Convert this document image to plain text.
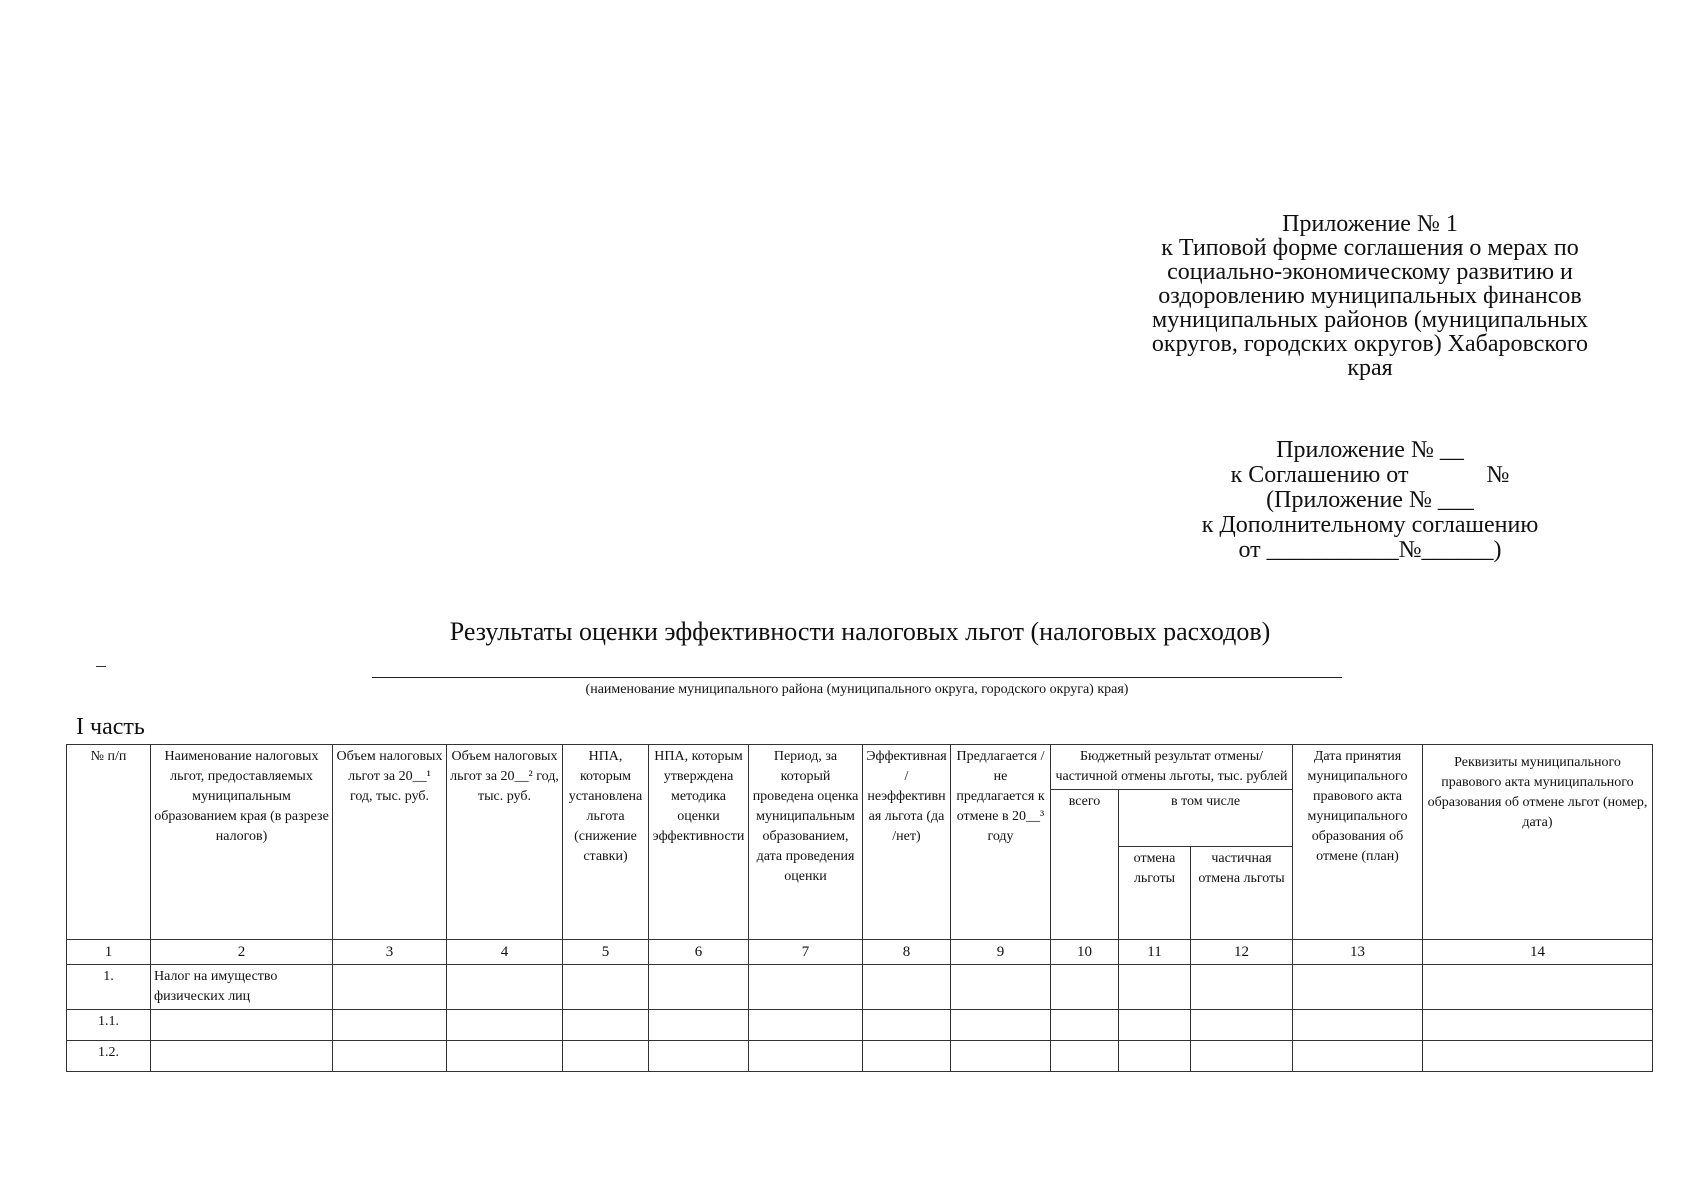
Приложение № 1
к Типовой форме соглашения о мерах по
социально-экономическому развитию и
оздоровлению муниципальных финансов
муниципальных районов (муниципальных
округов, городских округов) Хабаровского
края
Приложение № __
к Соглашению от             №
(Приложение № ___
к Дополнительному соглашению
от ___________№______)
Результаты оценки эффективности налоговых льгот (налоговых расходов)
(наименование муниципального района (муниципального округа, городского округа) края)
I часть
№ п/п	Наименование налоговых льгот, предоставляемых муниципальным образованием края (в разрезе налогов)	Объем налоговых льгот за 20__¹ год, тыс. руб.	Объем налоговых льгот за 20__² год, тыс. руб.	НПА, которым установлена льгота (снижение ставки)	НПА, которым утверждена методика оценки эффективности	Период, за который проведена оценка муниципальным образованием, дата проведения оценки	Эффективная / неэффективная льгота (да /нет)	Предлагается / не предлагается к отмене в 20__³ году	Бюджетный результат отмены/частичной отмены льготы, тыс. рублей			Дата принятия муниципального правового акта муниципального образования об отмене (план)	Реквизиты муниципального правового акта муниципального образования об отмене льгот (номер, дата)
									всего	в том числе			
										отмена льготы	частичная отмена льготы		
1	2	3	4	5	6	7	8	9	10	11	12	13	14
1.	Налог на имущество физических лиц												
1.1.													
1.2.													
